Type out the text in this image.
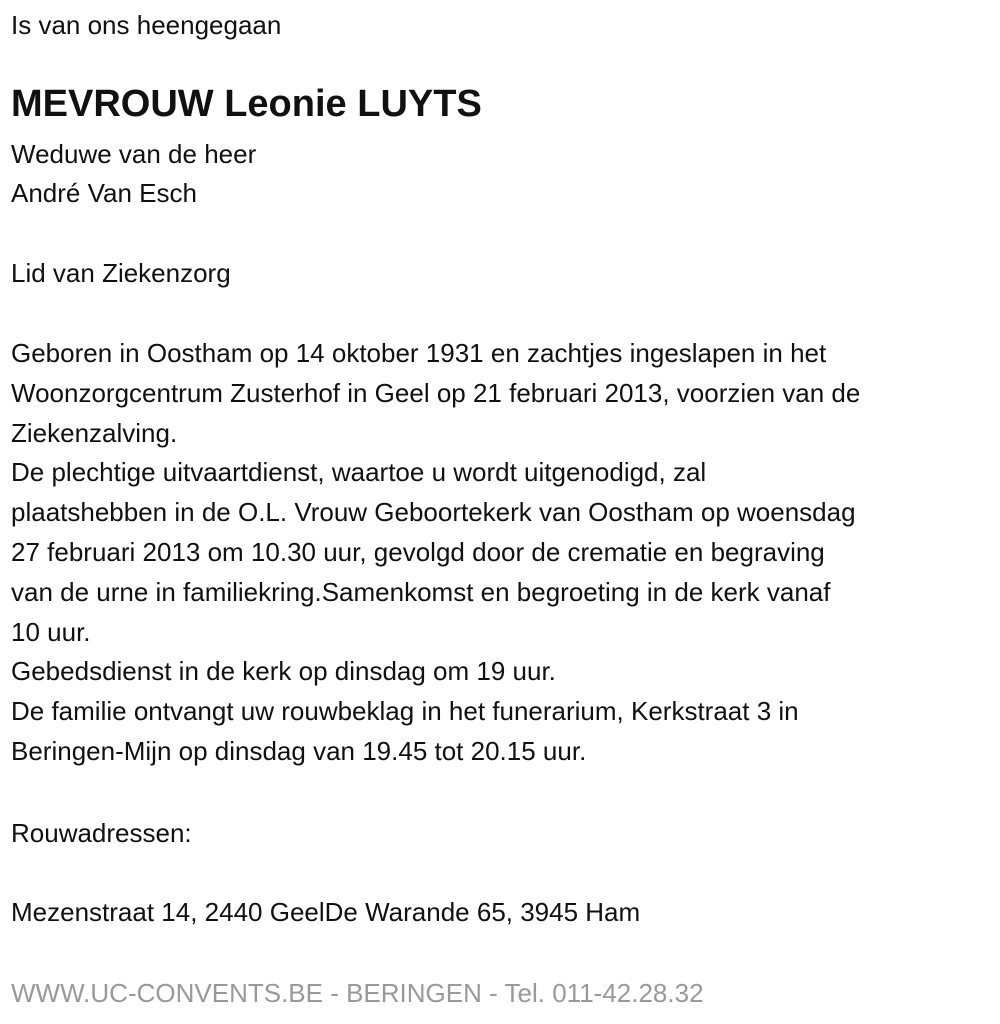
Is van ons heengegaan
MEVROUW Leonie LUYTS
Weduwe van de heer
André Van Esch
Lid van Ziekenzorg
Geboren in Oostham op 14 oktober 1931 en zachtjes ingeslapen in het
Woonzorgcentrum Zusterhof in Geel op 21 februari 2013, voorzien van de
Ziekenzalving.
De plechtige uitvaartdienst, waartoe u wordt uitgenodigd, zal
plaatshebben in de O.L. Vrouw Geboortekerk van Oostham op woensdag
27 februari 2013 om 10.30 uur, gevolgd door de crematie en begraving
van de urne in familiekring.Samenkomst en begroeting in de kerk vanaf
10 uur.
Gebedsdienst in de kerk op dinsdag om 19 uur.
De familie ontvangt uw rouwbeklag in het funerarium, Kerkstraat 3 in
Beringen-Mijn op dinsdag van 19.45 tot 20.15 uur.
Rouwadressen:
Mezenstraat 14, 2440 GeelDe Warande 65, 3945 Ham
WWW.UC-CONVENTS.BE - BERINGEN - Tel. 011-42.28.32
